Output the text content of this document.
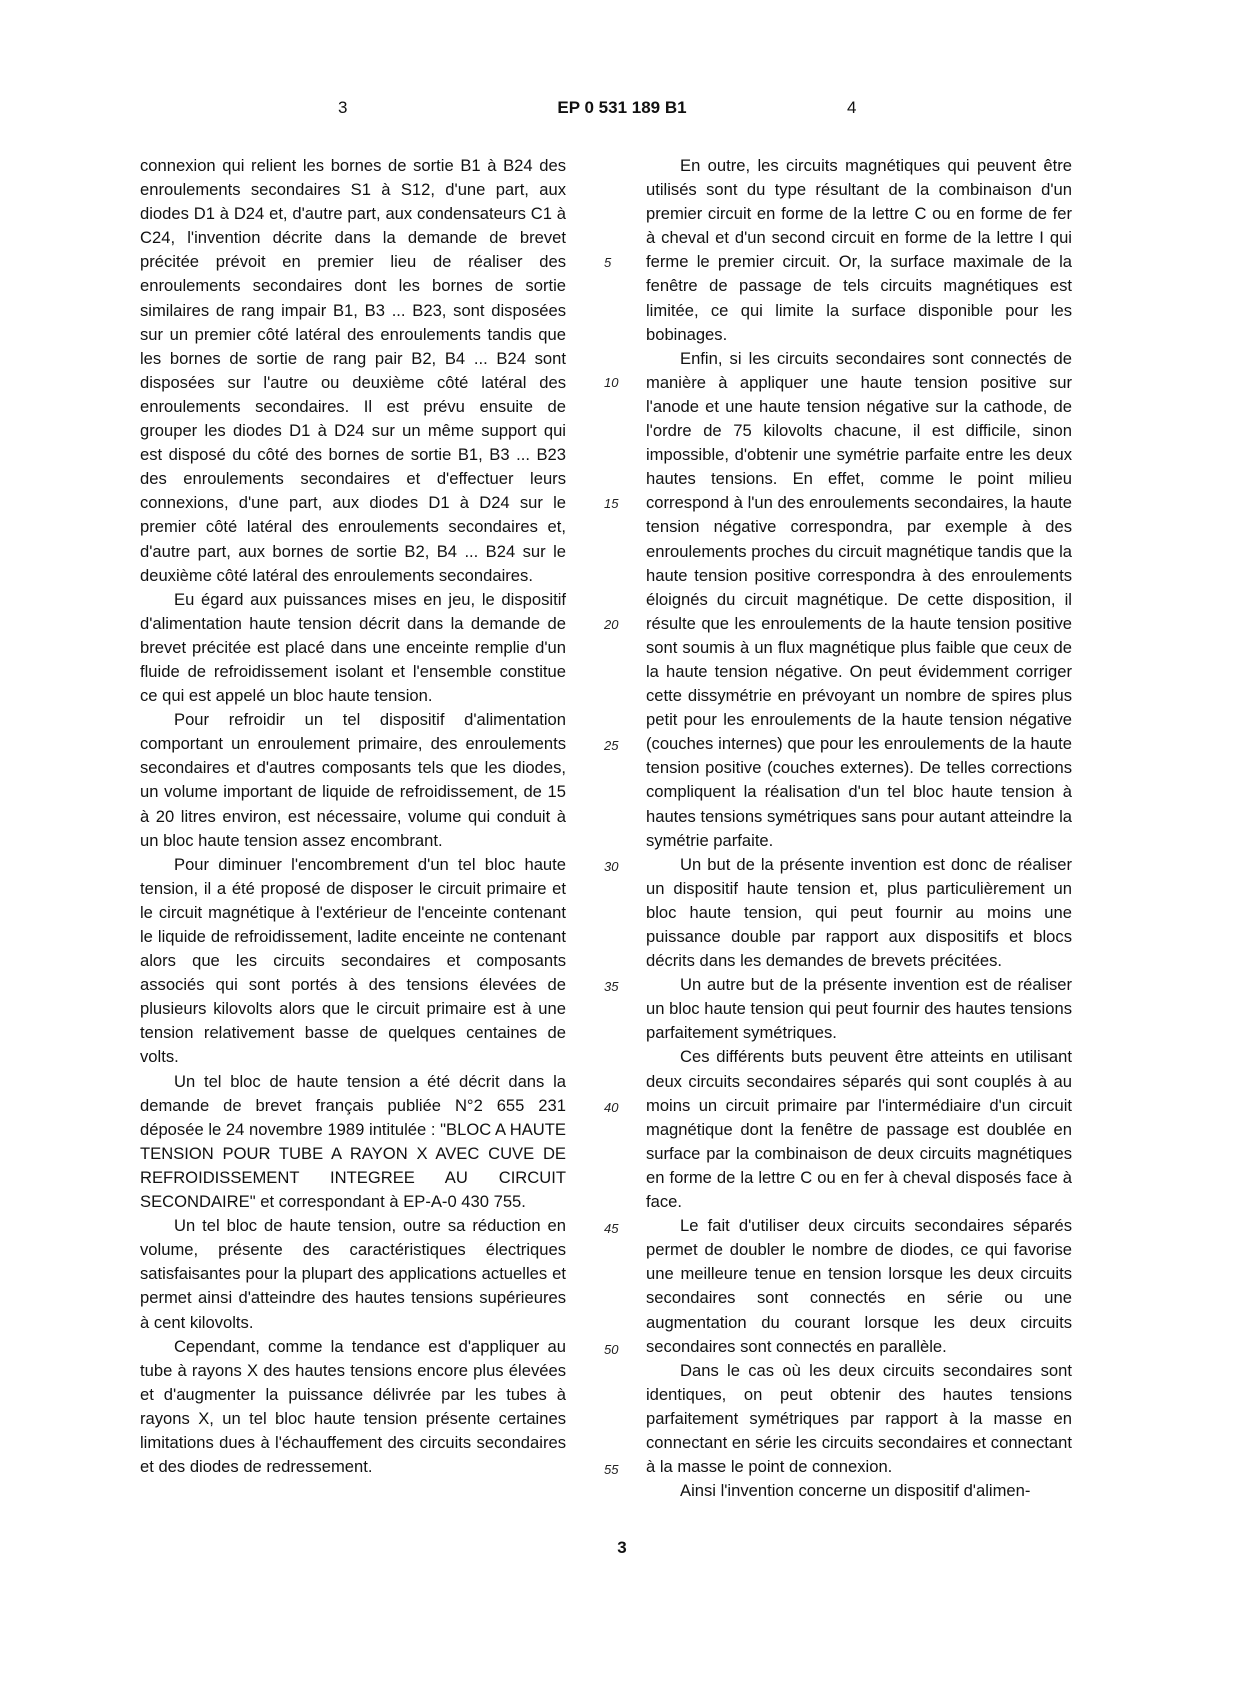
3	EP 0 531 189 B1	4

connexion qui relient les bornes de sortie B1 à B24 des enroulements secondaires S1 à S12, d'une part, aux diodes D1 à D24 et, d'autre part, aux condensateurs C1 à C24, l'invention décrite dans la demande de brevet précitée prévoit en premier lieu de réaliser des enroulements secondaires dont les bornes de sortie similaires de rang impair B1, B3 ... B23, sont disposées sur un premier côté latéral des enroulements tandis que les bornes de sortie de rang pair B2, B4 ... B24 sont disposées sur l'autre ou deuxième côté latéral des enroulements secondaires. Il est prévu ensuite de grouper les diodes D1 à D24 sur un même support qui est disposé du côté des bornes de sortie B1, B3 ... B23 des enroulements secondaires et d'effectuer leurs connexions, d'une part, aux diodes D1 à D24 sur le premier côté latéral des enroulements secondaires et, d'autre part, aux bornes de sortie B2, B4 ... B24 sur le deuxième côté latéral des enroulements secondaires.

Eu égard aux puissances mises en jeu, le dispositif d'alimentation haute tension décrit dans la demande de brevet précitée est placé dans une enceinte remplie d'un fluide de refroidissement isolant et l'ensemble constitue ce qui est appelé un bloc haute tension.

Pour refroidir un tel dispositif d'alimentation comportant un enroulement primaire, des enroulements secondaires et d'autres composants tels que les diodes, un volume important de liquide de refroidissement, de 15 à 20 litres environ, est nécessaire, volume qui conduit à un bloc haute tension assez encombrant.

Pour diminuer l'encombrement d'un tel bloc haute tension, il a été proposé de disposer le circuit primaire et le circuit magnétique à l'extérieur de l'enceinte contenant le liquide de refroidissement, ladite enceinte ne contenant alors que les circuits secondaires et composants associés qui sont portés à des tensions élevées de plusieurs kilovolts alors que le circuit primaire est à une tension relativement basse de quelques centaines de volts.

Un tel bloc de haute tension a été décrit dans la demande de brevet français publiée N°2 655 231 déposée le 24 novembre 1989 intitulée : "BLOC A HAUTE TENSION POUR TUBE A RAYON X AVEC CUVE DE REFROIDISSEMENT INTEGREE AU CIRCUIT SECONDAIRE" et correspondant à EP-A-0 430 755.

Un tel bloc de haute tension, outre sa réduction en volume, présente des caractéristiques électriques satisfaisantes pour la plupart des applications actuelles et permet ainsi d'atteindre des hautes tensions supérieures à cent kilovolts.

Cependant, comme la tendance est d'appliquer au tube à rayons X des hautes tensions encore plus élevées et d'augmenter la puissance délivrée par les tubes à rayons X, un tel bloc haute tension présente certaines limitations dues à l'échauffement des circuits secondaires et des diodes de redressement.

En outre, les circuits magnétiques qui peuvent être utilisés sont du type résultant de la combinaison d'un premier circuit en forme de la lettre C ou en forme de fer à cheval et d'un second circuit en forme de la lettre I qui ferme le premier circuit. Or, la surface maximale de la fenêtre de passage de tels circuits magnétiques est limitée, ce qui limite la surface disponible pour les bobinages.

Enfin, si les circuits secondaires sont connectés de manière à appliquer une haute tension positive sur l'anode et une haute tension négative sur la cathode, de l'ordre de 75 kilovolts chacune, il est difficile, sinon impossible, d'obtenir une symétrie parfaite entre les deux hautes tensions. En effet, comme le point milieu correspond à l'un des enroulements secondaires, la haute tension négative correspondra, par exemple à des enroulements proches du circuit magnétique tandis que la haute tension positive correspondra à des enroulements éloignés du circuit magnétique. De cette disposition, il résulte que les enroulements de la haute tension positive sont soumis à un flux magnétique plus faible que ceux de la haute tension négative. On peut évidemment corriger cette dissymétrie en prévoyant un nombre de spires plus petit pour les enroulements de la haute tension négative (couches internes) que pour les enroulements de la haute tension positive (couches externes). De telles corrections compliquent la réalisation d'un tel bloc haute tension à hautes tensions symétriques sans pour autant atteindre la symétrie parfaite.

Un but de la présente invention est donc de réaliser un dispositif haute tension et, plus particulièrement un bloc haute tension, qui peut fournir au moins une puissance double par rapport aux dispositifs et blocs décrits dans les demandes de brevets précitées.

Un autre but de la présente invention est de réaliser un bloc haute tension qui peut fournir des hautes tensions parfaitement symétriques.

Ces différents buts peuvent être atteints en utilisant deux circuits secondaires séparés qui sont couplés à au moins un circuit primaire par l'intermédiaire d'un circuit magnétique dont la fenêtre de passage est doublée en surface par la combinaison de deux circuits magnétiques en forme de la lettre C ou en fer à cheval disposés face à face.

Le fait d'utiliser deux circuits secondaires séparés permet de doubler le nombre de diodes, ce qui favorise une meilleure tenue en tension lorsque les deux circuits secondaires sont connectés en série ou une augmentation du courant lorsque les deux circuits secondaires sont connectés en parallèle.

Dans le cas où les deux circuits secondaires sont identiques, on peut obtenir des hautes tensions parfaitement symétriques par rapport à la masse en connectant en série les circuits secondaires et connectant à la masse le point de connexion.

Ainsi l'invention concerne un dispositif d'alimen-

5
10
15
20
25
30
35
40
45
50
55
3
